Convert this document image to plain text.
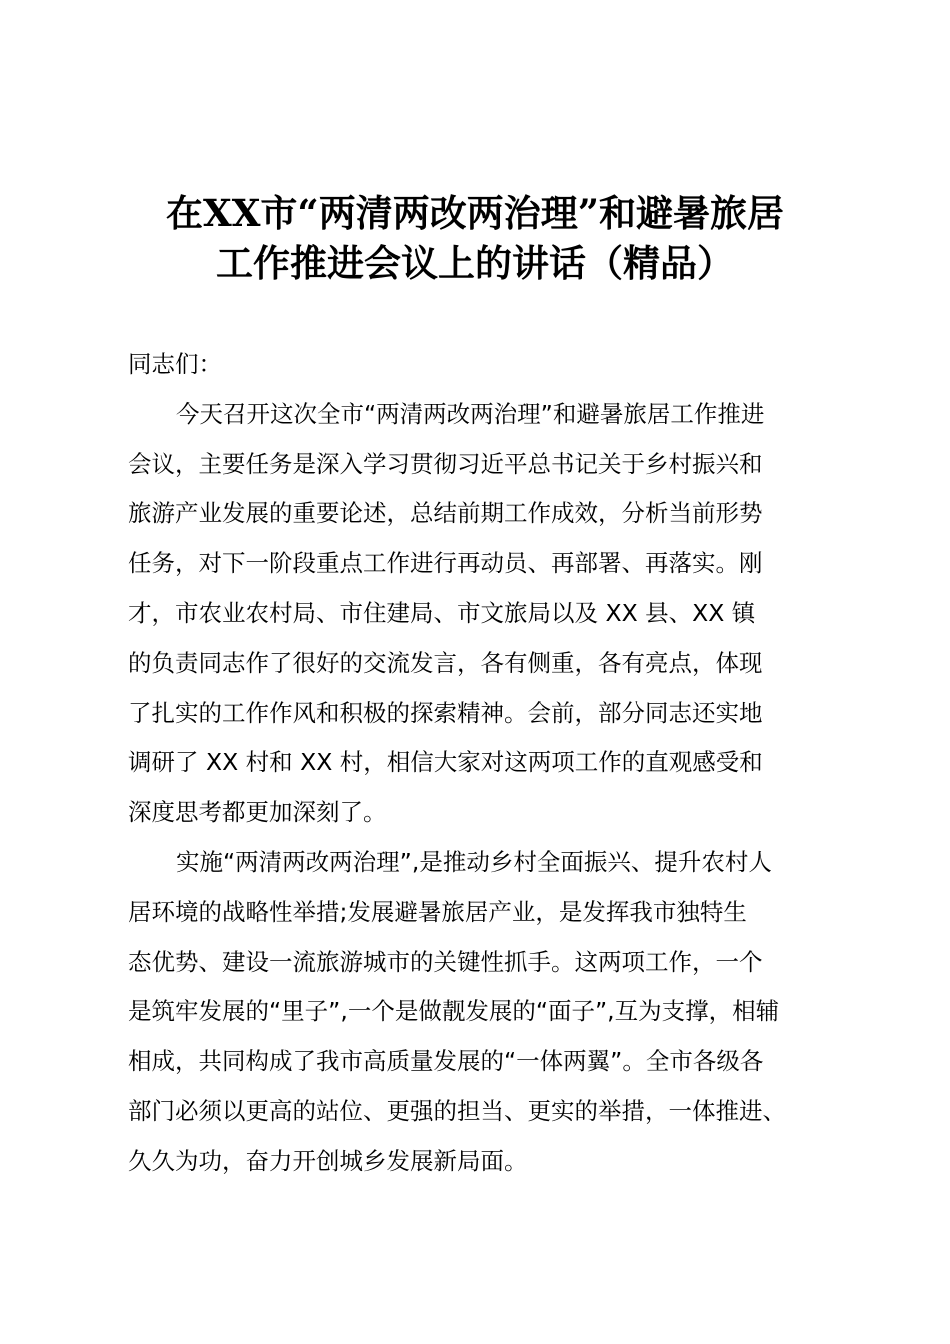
在XX市“两清两改两治理”和避暑旅居
工作推进会议上的讲话（精品）
同志们：
今天召开这次全市“两清两改两治理”和避暑旅居工作推进
会议，主要任务是深入学习贯彻习近平总书记关于乡村振兴和
旅游产业发展的重要论述，总结前期工作成效，分析当前形势
任务，对下一阶段重点工作进行再动员、再部署、再落实。刚
才，市农业农村局、市住建局、市文旅局以及 XX 县、XX 镇
的负责同志作了很好的交流发言，各有侧重，各有亮点，体现
了扎实的工作作风和积极的探索精神。会前，部分同志还实地
调研了 XX 村和 XX 村，相信大家对这两项工作的直观感受和
深度思考都更加深刻了。
实施“两清两改两治理”,是推动乡村全面振兴、提升农村人
居环境的战略性举措;发展避暑旅居产业，是发挥我市独特生
态优势、建设一流旅游城市的关键性抓手。这两项工作，一个
是筑牢发展的“里子”,一个是做靓发展的“面子”,互为支撑，相辅
相成，共同构成了我市高质量发展的“一体两翼”。全市各级各
部门必须以更高的站位、更强的担当、更实的举措，一体推进、
久久为功，奋力开创城乡发展新局面。
